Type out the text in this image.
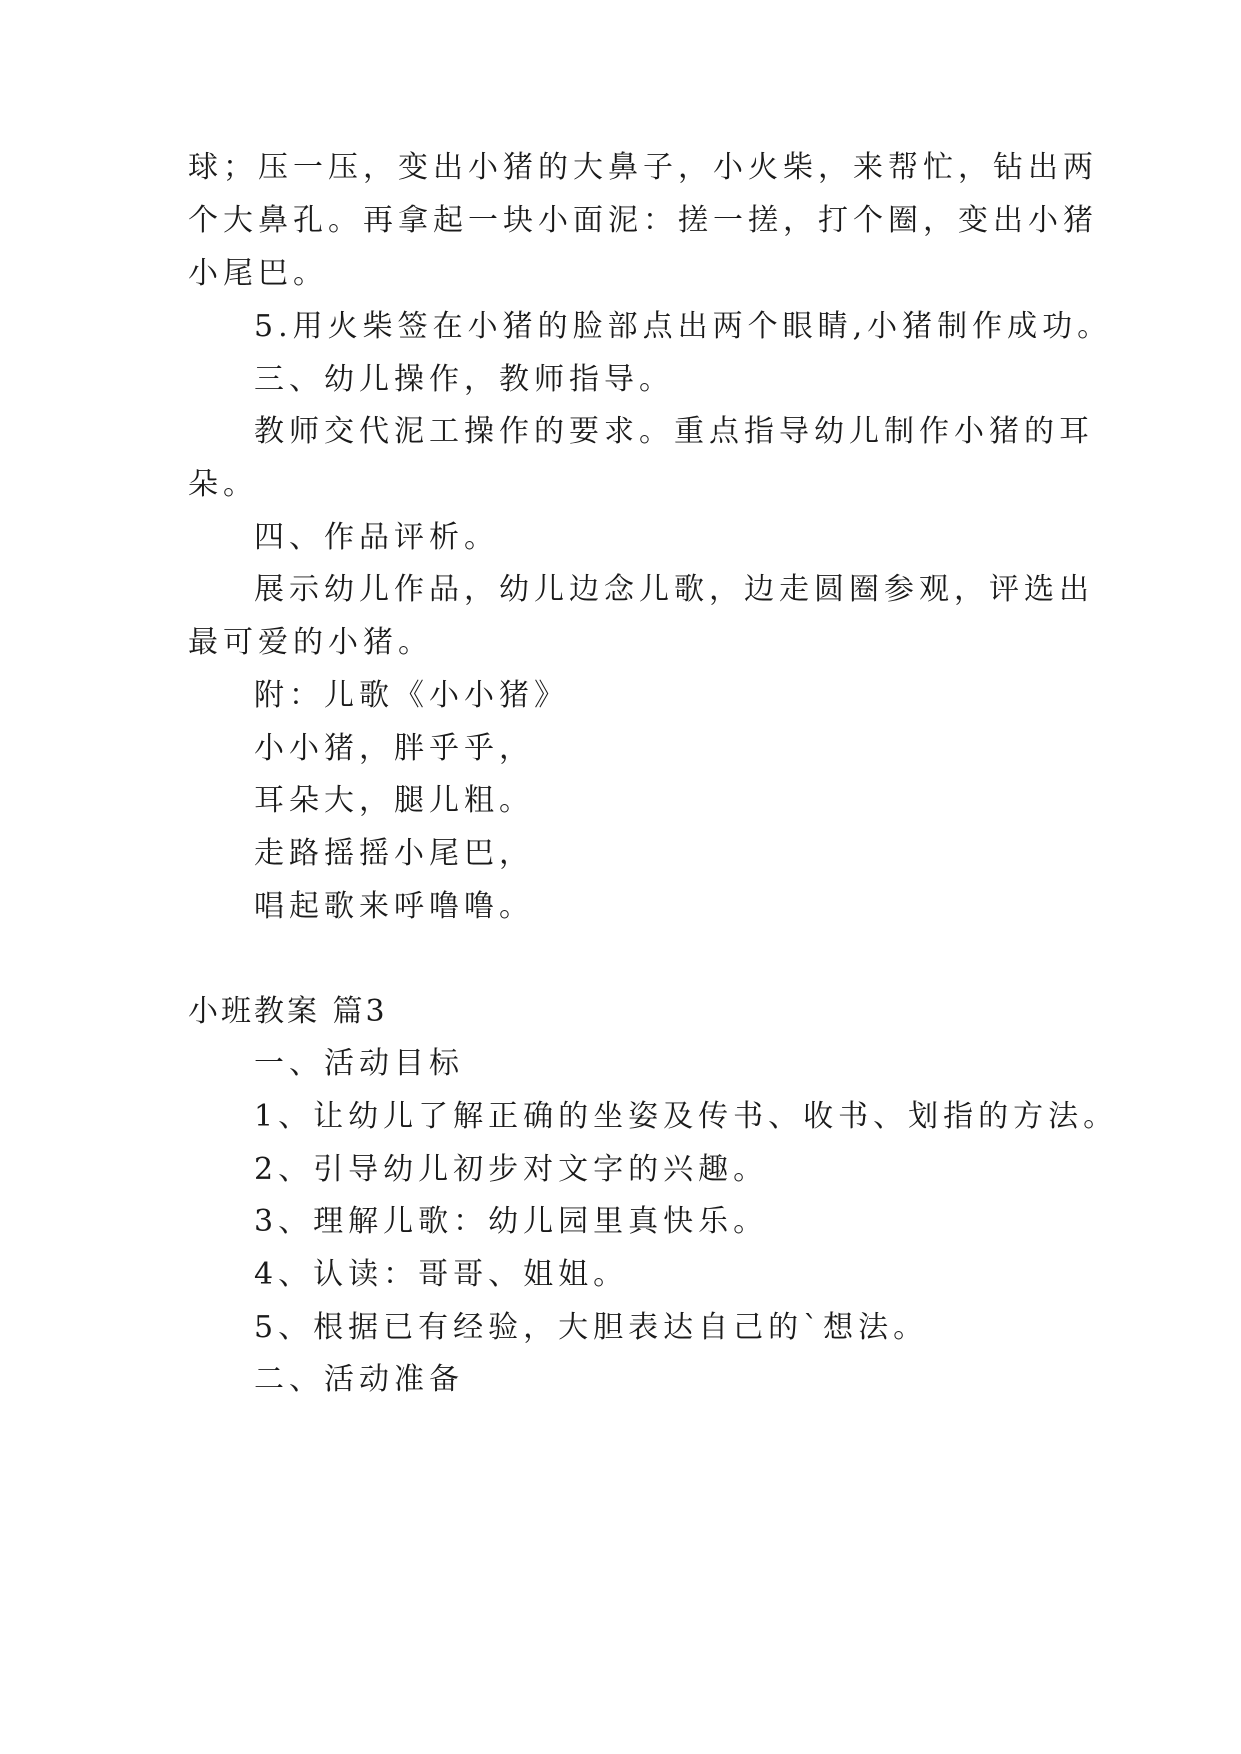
球；压一压，变出小猪的大鼻子，小火柴，来帮忙，钻出两
个大鼻孔。再拿起一块小面泥：搓一搓，打个圈，变出小猪
小尾巴。
5.用火柴签在小猪的脸部点出两个眼睛,小猪制作成功。
三、幼儿操作，教师指导。
教师交代泥工操作的要求。重点指导幼儿制作小猪的耳
朵。
四、作品评析。
展示幼儿作品，幼儿边念儿歌，边走圆圈参观，评选出
最可爱的小猪。
附：儿歌《小小猪》
小小猪，胖乎乎，
耳朵大，腿儿粗。
走路摇摇小尾巴，
唱起歌来呼噜噜。
小班教案 篇3
一、活动目标
1、让幼儿了解正确的坐姿及传书、收书、划指的方法。
2、引导幼儿初步对文字的兴趣。
3、理解儿歌：幼儿园里真快乐。
4、认读：哥哥、姐姐。
5、根据已有经验，大胆表达自己的`想法。
二、活动准备
